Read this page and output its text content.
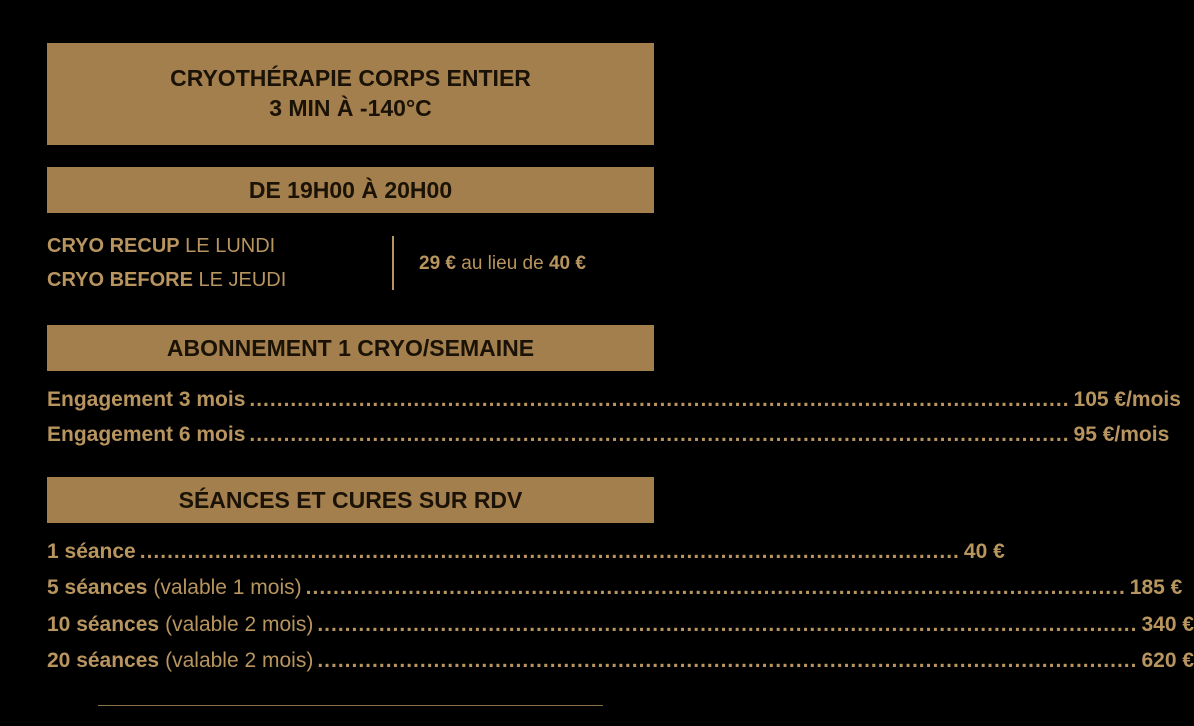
CRYOTHÉRAPIE CORPS ENTIER
3 MIN À -140°C
DE 19H00 À 20H00
CRYO RECUP LE LUNDI
CRYO BEFORE LE JEUDI
29 € au lieu de 40 €
ABONNEMENT 1 CRYO/SEMAINE
Engagement 3 mois ........................................................................................................................ 105 €/mois
Engagement 6 mois ........................................................................................................................ 95 €/mois
SÉANCES ET CURES SUR RDV
1 séance ........................................................................................................................ 40 €
5 séances (valable 1 mois) ........................................................................................................................ 185 €
10 séances (valable 2 mois) ........................................................................................................................ 340 €
20 séances (valable 2 mois) ........................................................................................................................ 620 €
